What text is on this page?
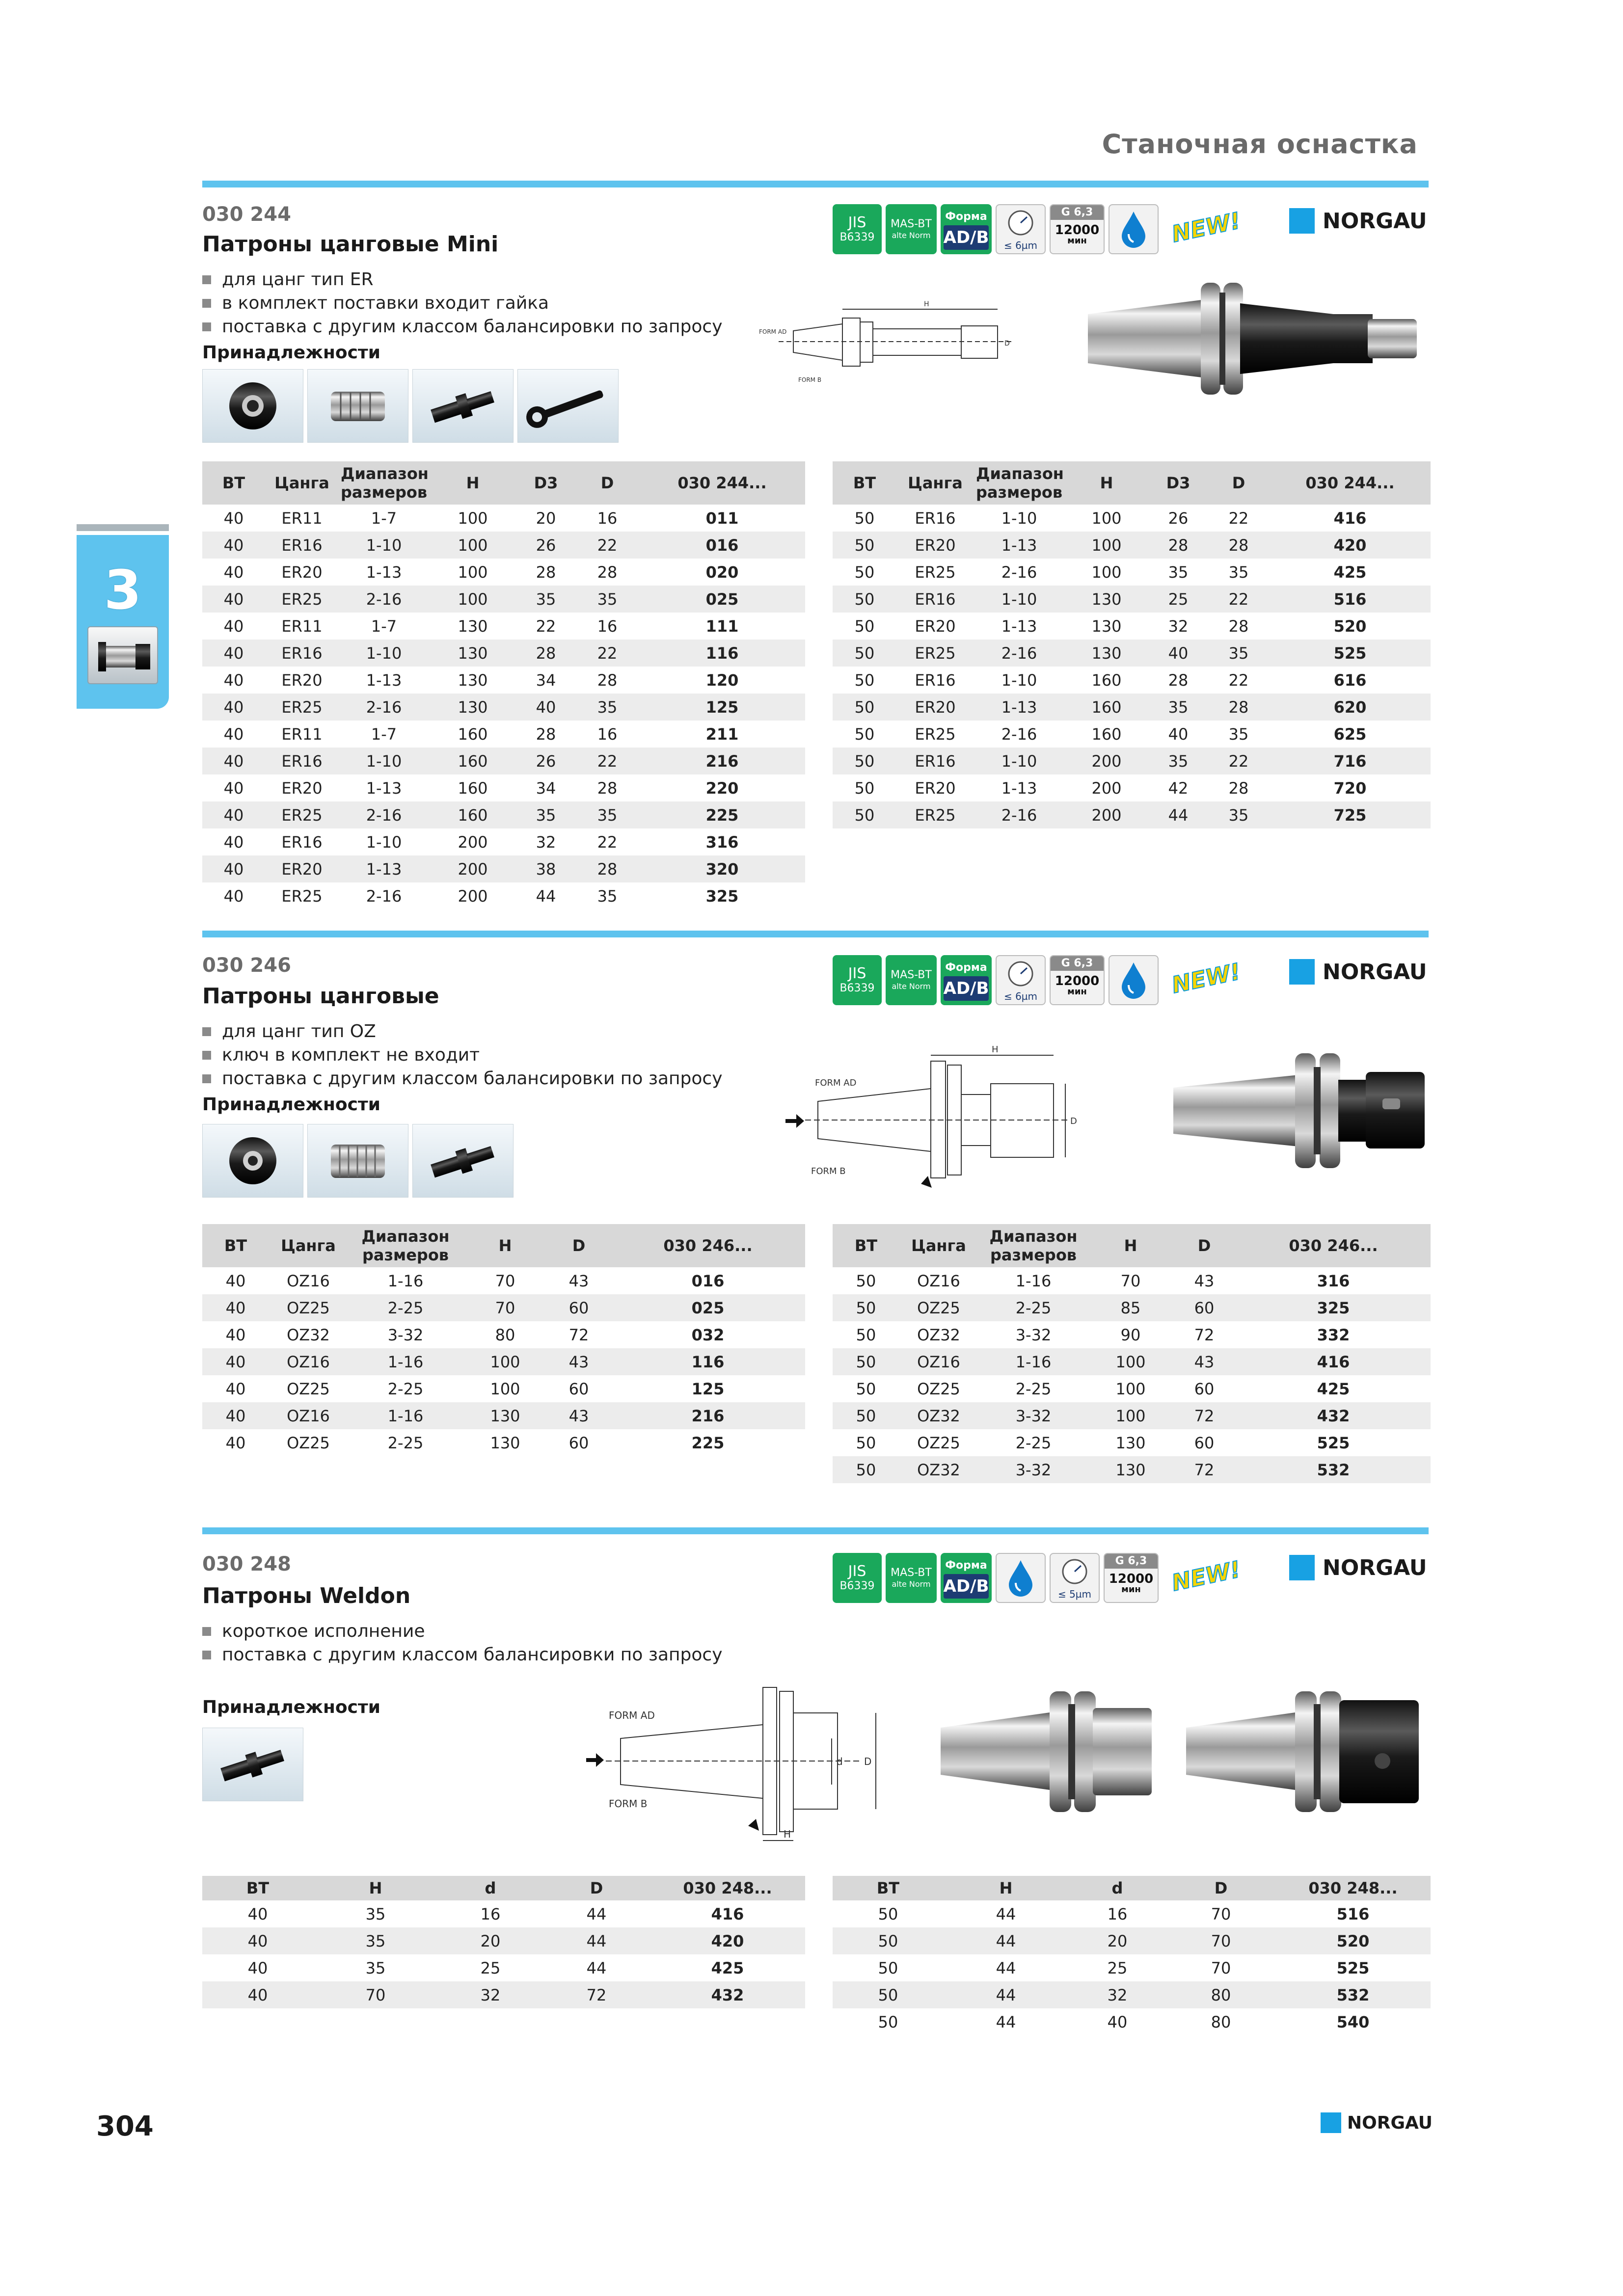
Станочная оснастка
3
030 244
Патроны цанговые Mini
для цанг тип ER
в комплект поставки входит гайка
поставка с другим классом балансировки по запросу
Принадлежности
JIS
B6339
MAS-BT
alte Norm
Форма
AD/B	≤ 6µm
G 6,3
12000
мин	NEW!	NORGAU
FORM AD
FORM B
H
D
BT	Цанга	Диапазон размеров	H	D3	D	030 244...
40	ER11	1-7	100	20	16	011
40	ER16	1-10	100	26	22	016
40	ER20	1-13	100	28	28	020
40	ER25	2-16	100	35	35	025
40	ER11	1-7	130	22	16	111
40	ER16	1-10	130	28	22	116
40	ER20	1-13	130	34	28	120
40	ER25	2-16	130	40	35	125
40	ER11	1-7	160	28	16	211
40	ER16	1-10	160	26	22	216
40	ER20	1-13	160	34	28	220
40	ER25	2-16	160	35	35	225
40	ER16	1-10	200	32	22	316
40	ER20	1-13	200	38	28	320
40	ER25	2-16	200	44	35	325
BT	Цанга	Диапазон размеров	H	D3	D	030 244...
50	ER16	1-10	100	26	22	416
50	ER20	1-13	100	28	28	420
50	ER25	2-16	100	35	35	425
50	ER16	1-10	130	25	22	516
50	ER20	1-13	130	32	28	520
50	ER25	2-16	130	40	35	525
50	ER16	1-10	160	28	22	616
50	ER20	1-13	160	35	28	620
50	ER25	2-16	160	40	35	625
50	ER16	1-10	200	35	22	716
50	ER20	1-13	200	42	28	720
50	ER25	2-16	200	44	35	725
030 246
Патроны цанговые
для цанг тип OZ
ключ в комплект не входит
поставка с другим классом балансировки по запросу
Принадлежности
JIS
B6339
MAS-BT
alte Norm
Форма
AD/B	≤ 6µm
G 6,3
12000
мин	NEW!	NORGAU
FORM AD
FORM B
H
D
BT	Цанга	Диапазон размеров	H	D	030 246...
40	OZ16	1-16	70	43	016
40	OZ25	2-25	70	60	025
40	OZ32	3-32	80	72	032
40	OZ16	1-16	100	43	116
40	OZ25	2-25	100	60	125
40	OZ16	1-16	130	43	216
40	OZ25	2-25	130	60	225
BT	Цанга	Диапазон размеров	H	D	030 246...
50	OZ16	1-16	70	43	316
50	OZ25	2-25	85	60	325
50	OZ32	3-32	90	72	332
50	OZ16	1-16	100	43	416
50	OZ25	2-25	100	60	425
50	OZ32	3-32	100	72	432
50	OZ25	2-25	130	60	525
50	OZ32	3-32	130	72	532
030 248
Патроны Weldon
короткое исполнение
поставка с другим классом балансировки по запросу
Принадлежности
JIS
B6339
MAS-BT
alte Norm
Форма
AD/B	≤ 5µm
G 6,3
12000
мин NEW!	NORGAU
FORM AD
FORM B
H
d D
BT	H	d	D	030 248...
40	35	16	44	416
40	35	20	44	420
40	35	25	44	425
40	70	32	72	432
BT	H	d	D	030 248...
50	44	16	70	516
50	44	20	70	520
50	44	25	70	525
50	44	32	80	532
50	44	40	80	540
304	NORGAU
